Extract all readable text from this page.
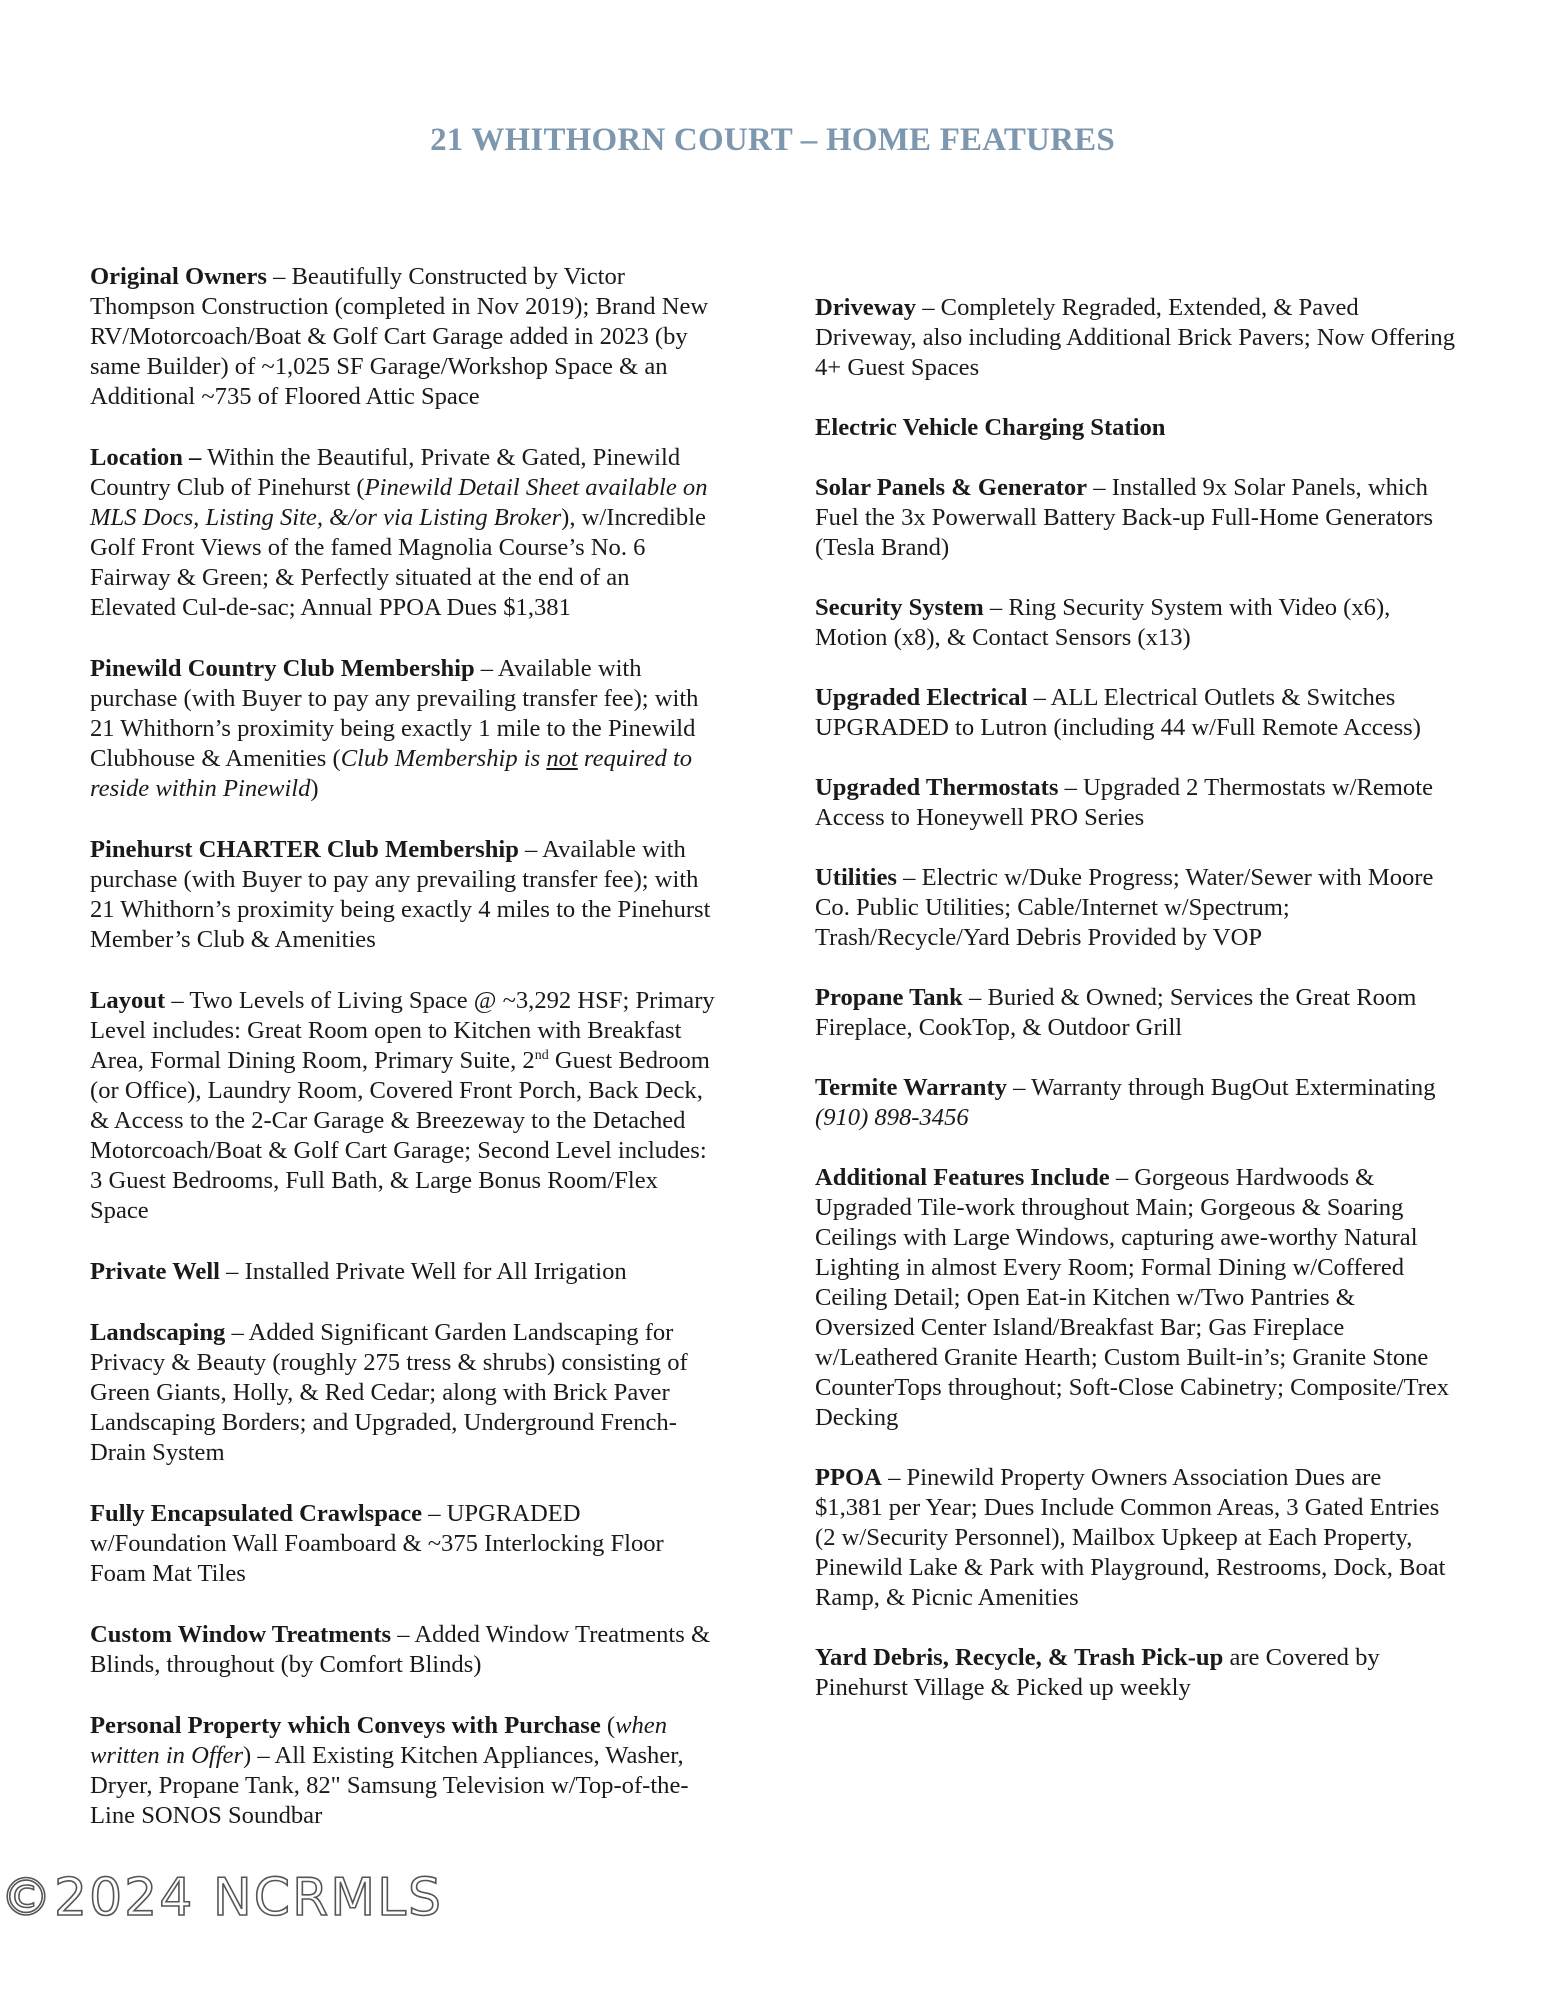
21 WHITHORN COURT – HOME FEATURES

Original Owners – Beautifully Constructed by Victor Thompson Construction (completed in Nov 2019); Brand New RV/Motorcoach/Boat & Golf Cart Garage added in 2023 (by same Builder) of ~1,025 SF Garage/Workshop Space & an Additional ~735 of Floored Attic Space

Location – Within the Beautiful, Private & Gated, Pinewild Country Club of Pinehurst (Pinewild Detail Sheet available on MLS Docs, Listing Site, &/or via Listing Broker), w/Incredible Golf Front Views of the famed Magnolia Course’s No. 6 Fairway & Green; & Perfectly situated at the end of an Elevated Cul-de-sac; Annual PPOA Dues $1,381

Pinewild Country Club Membership – Available with purchase (with Buyer to pay any prevailing transfer fee); with 21 Whithorn’s proximity being exactly 1 mile to the Pinewild Clubhouse & Amenities (Club Membership is not required to reside within Pinewild)

Pinehurst CHARTER Club Membership – Available with purchase (with Buyer to pay any prevailing transfer fee); with 21 Whithorn’s proximity being exactly 4 miles to the Pinehurst Member’s Club & Amenities

Layout – Two Levels of Living Space @ ~3,292 HSF; Primary Level includes: Great Room open to Kitchen with Breakfast Area, Formal Dining Room, Primary Suite, 2nd Guest Bedroom (or Office), Laundry Room, Covered Front Porch, Back Deck, & Access to the 2-Car Garage & Breezeway to the Detached Motorcoach/Boat & Golf Cart Garage; Second Level includes: 3 Guest Bedrooms, Full Bath, & Large Bonus Room/Flex Space

Private Well – Installed Private Well for All Irrigation

Landscaping – Added Significant Garden Landscaping for Privacy & Beauty (roughly 275 tress & shrubs) consisting of Green Giants, Holly, & Red Cedar; along with Brick Paver Landscaping Borders; and Upgraded, Underground French-Drain System

Fully Encapsulated Crawlspace – UPGRADED w/Foundation Wall Foamboard & ~375 Interlocking Floor Foam Mat Tiles

Custom Window Treatments – Added Window Treatments & Blinds, throughout (by Comfort Blinds)

Personal Property which Conveys with Purchase (when written in Offer) – All Existing Kitchen Appliances, Washer, Dryer, Propane Tank, 82" Samsung Television w/Top-of-the-Line SONOS Soundbar

Driveway – Completely Regraded, Extended, & Paved Driveway, also including Additional Brick Pavers; Now Offering 4+ Guest Spaces

Electric Vehicle Charging Station

Solar Panels & Generator – Installed 9x Solar Panels, which Fuel the 3x Powerwall Battery Back-up Full-Home Generators (Tesla Brand)

Security System – Ring Security System with Video (x6), Motion (x8), & Contact Sensors (x13)

Upgraded Electrical – ALL Electrical Outlets & Switches UPGRADED to Lutron (including 44 w/Full Remote Access)

Upgraded Thermostats – Upgraded 2 Thermostats w/Remote Access to Honeywell PRO Series

Utilities – Electric w/Duke Progress; Water/Sewer with Moore Co. Public Utilities; Cable/Internet w/Spectrum; Trash/Recycle/Yard Debris Provided by VOP

Propane Tank – Buried & Owned; Services the Great Room Fireplace, CookTop, & Outdoor Grill

Termite Warranty – Warranty through BugOut Exterminating (910) 898-3456

Additional Features Include – Gorgeous Hardwoods & Upgraded Tile-work throughout Main; Gorgeous & Soaring Ceilings with Large Windows, capturing awe-worthy Natural Lighting in almost Every Room; Formal Dining w/Coffered Ceiling Detail; Open Eat-in Kitchen w/Two Pantries & Oversized Center Island/Breakfast Bar; Gas Fireplace w/Leathered Granite Hearth; Custom Built-in’s; Granite Stone CounterTops throughout; Soft-Close Cabinetry; Composite/Trex Decking

PPOA – Pinewild Property Owners Association Dues are $1,381 per Year; Dues Include Common Areas, 3 Gated Entries (2 w/Security Personnel), Mailbox Upkeep at Each Property, Pinewild Lake & Park with Playground, Restrooms, Dock, Boat Ramp, & Picnic Amenities

Yard Debris, Recycle, & Trash Pick-up are Covered by Pinehurst Village & Picked up weekly

©2024 NCRMLS
